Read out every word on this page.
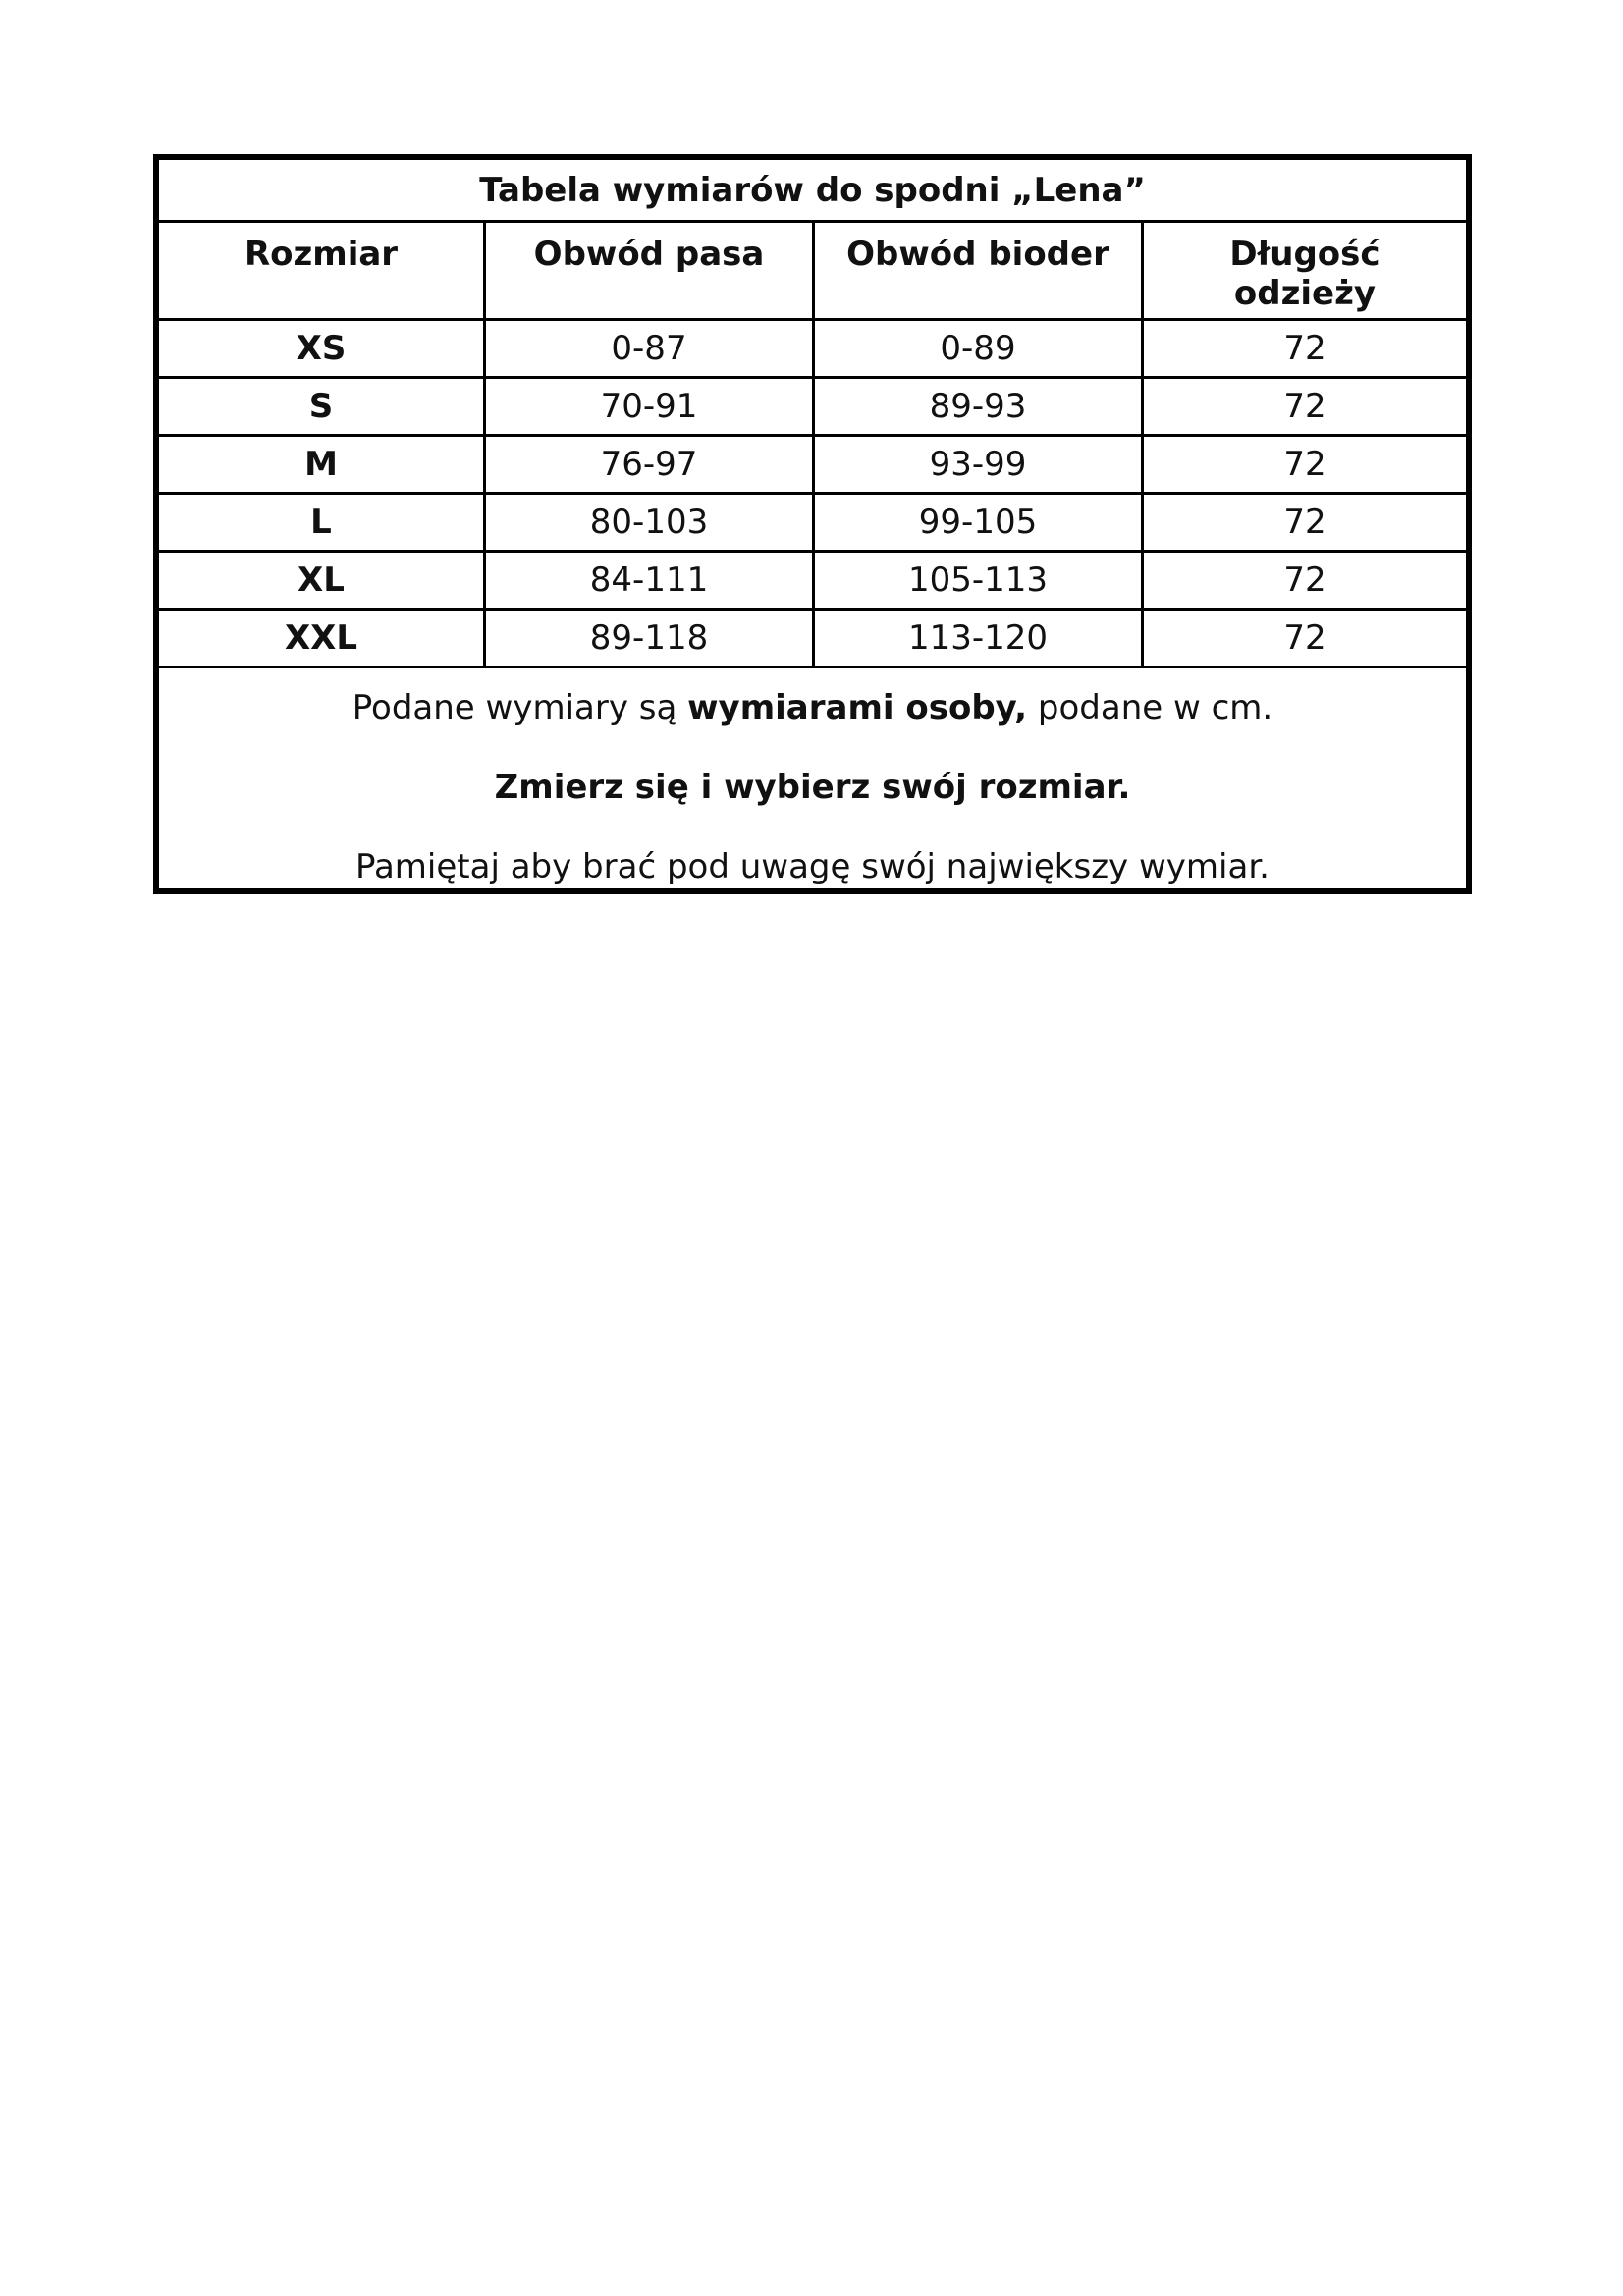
Tabela wymiarów do spodni „Lena”
Rozmiar	Obwód pasa	Obwód bioder	Długość
odzieży
XS	0-87	0-89	72
S	70-91	89-93	72
M	76-97	93-99	72
L	80-103	99-105	72
XL	84-111	105-113	72
XXL	89-118	113-120	72
Podane wymiary są wymiarami osoby, podane w cm.
Zmierz się i wybierz swój rozmiar.
Pamiętaj aby brać pod uwagę swój największy wymiar.
